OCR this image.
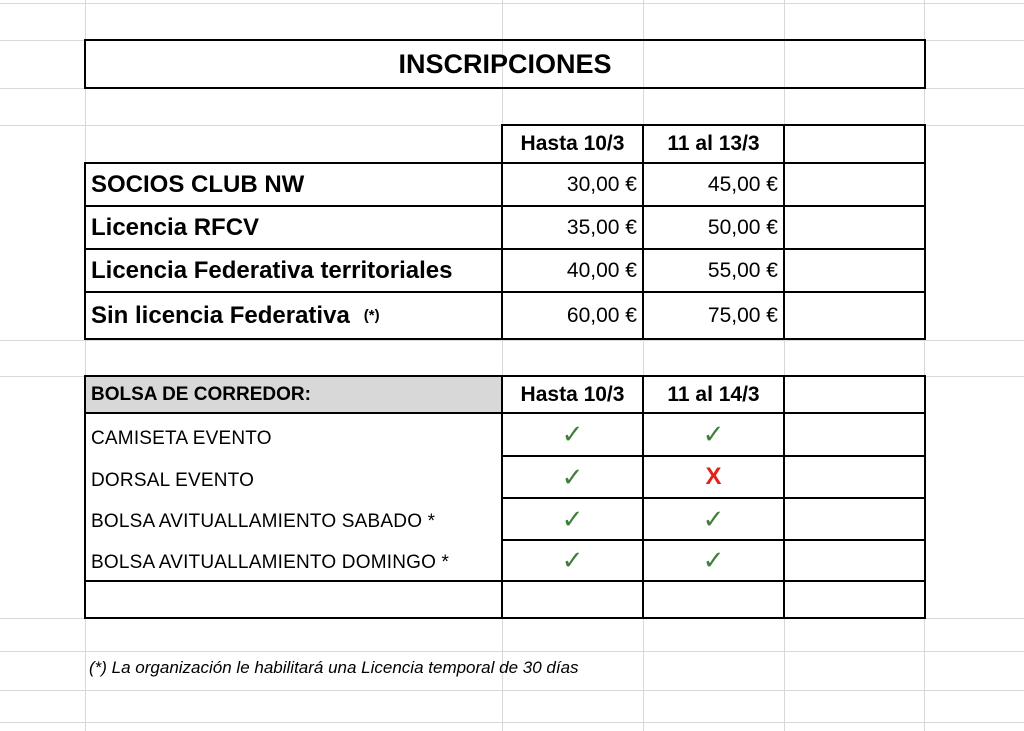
INSCRIPCIONES
Hasta 10/3	11 al 13/3
SOCIOS CLUB NW	30,00 €	45,00 €
Licencia RFCV	35,00 €	50,00 €
Licencia Federativa territoriales	40,00 €	55,00 €
Sin licencia Federativa (*)	60,00 €	75,00 €
BOLSA DE CORREDOR:	Hasta 10/3	11 al 14/3
CAMISETA EVENTO	✓	✓
DORSAL EVENTO	✓	X
BOLSA AVITUALLAMIENTO SABADO *	✓	✓
BOLSA AVITUALLAMIENTO DOMINGO *	✓	✓
(*) La organización le habilitará una Licencia temporal de 30 días
